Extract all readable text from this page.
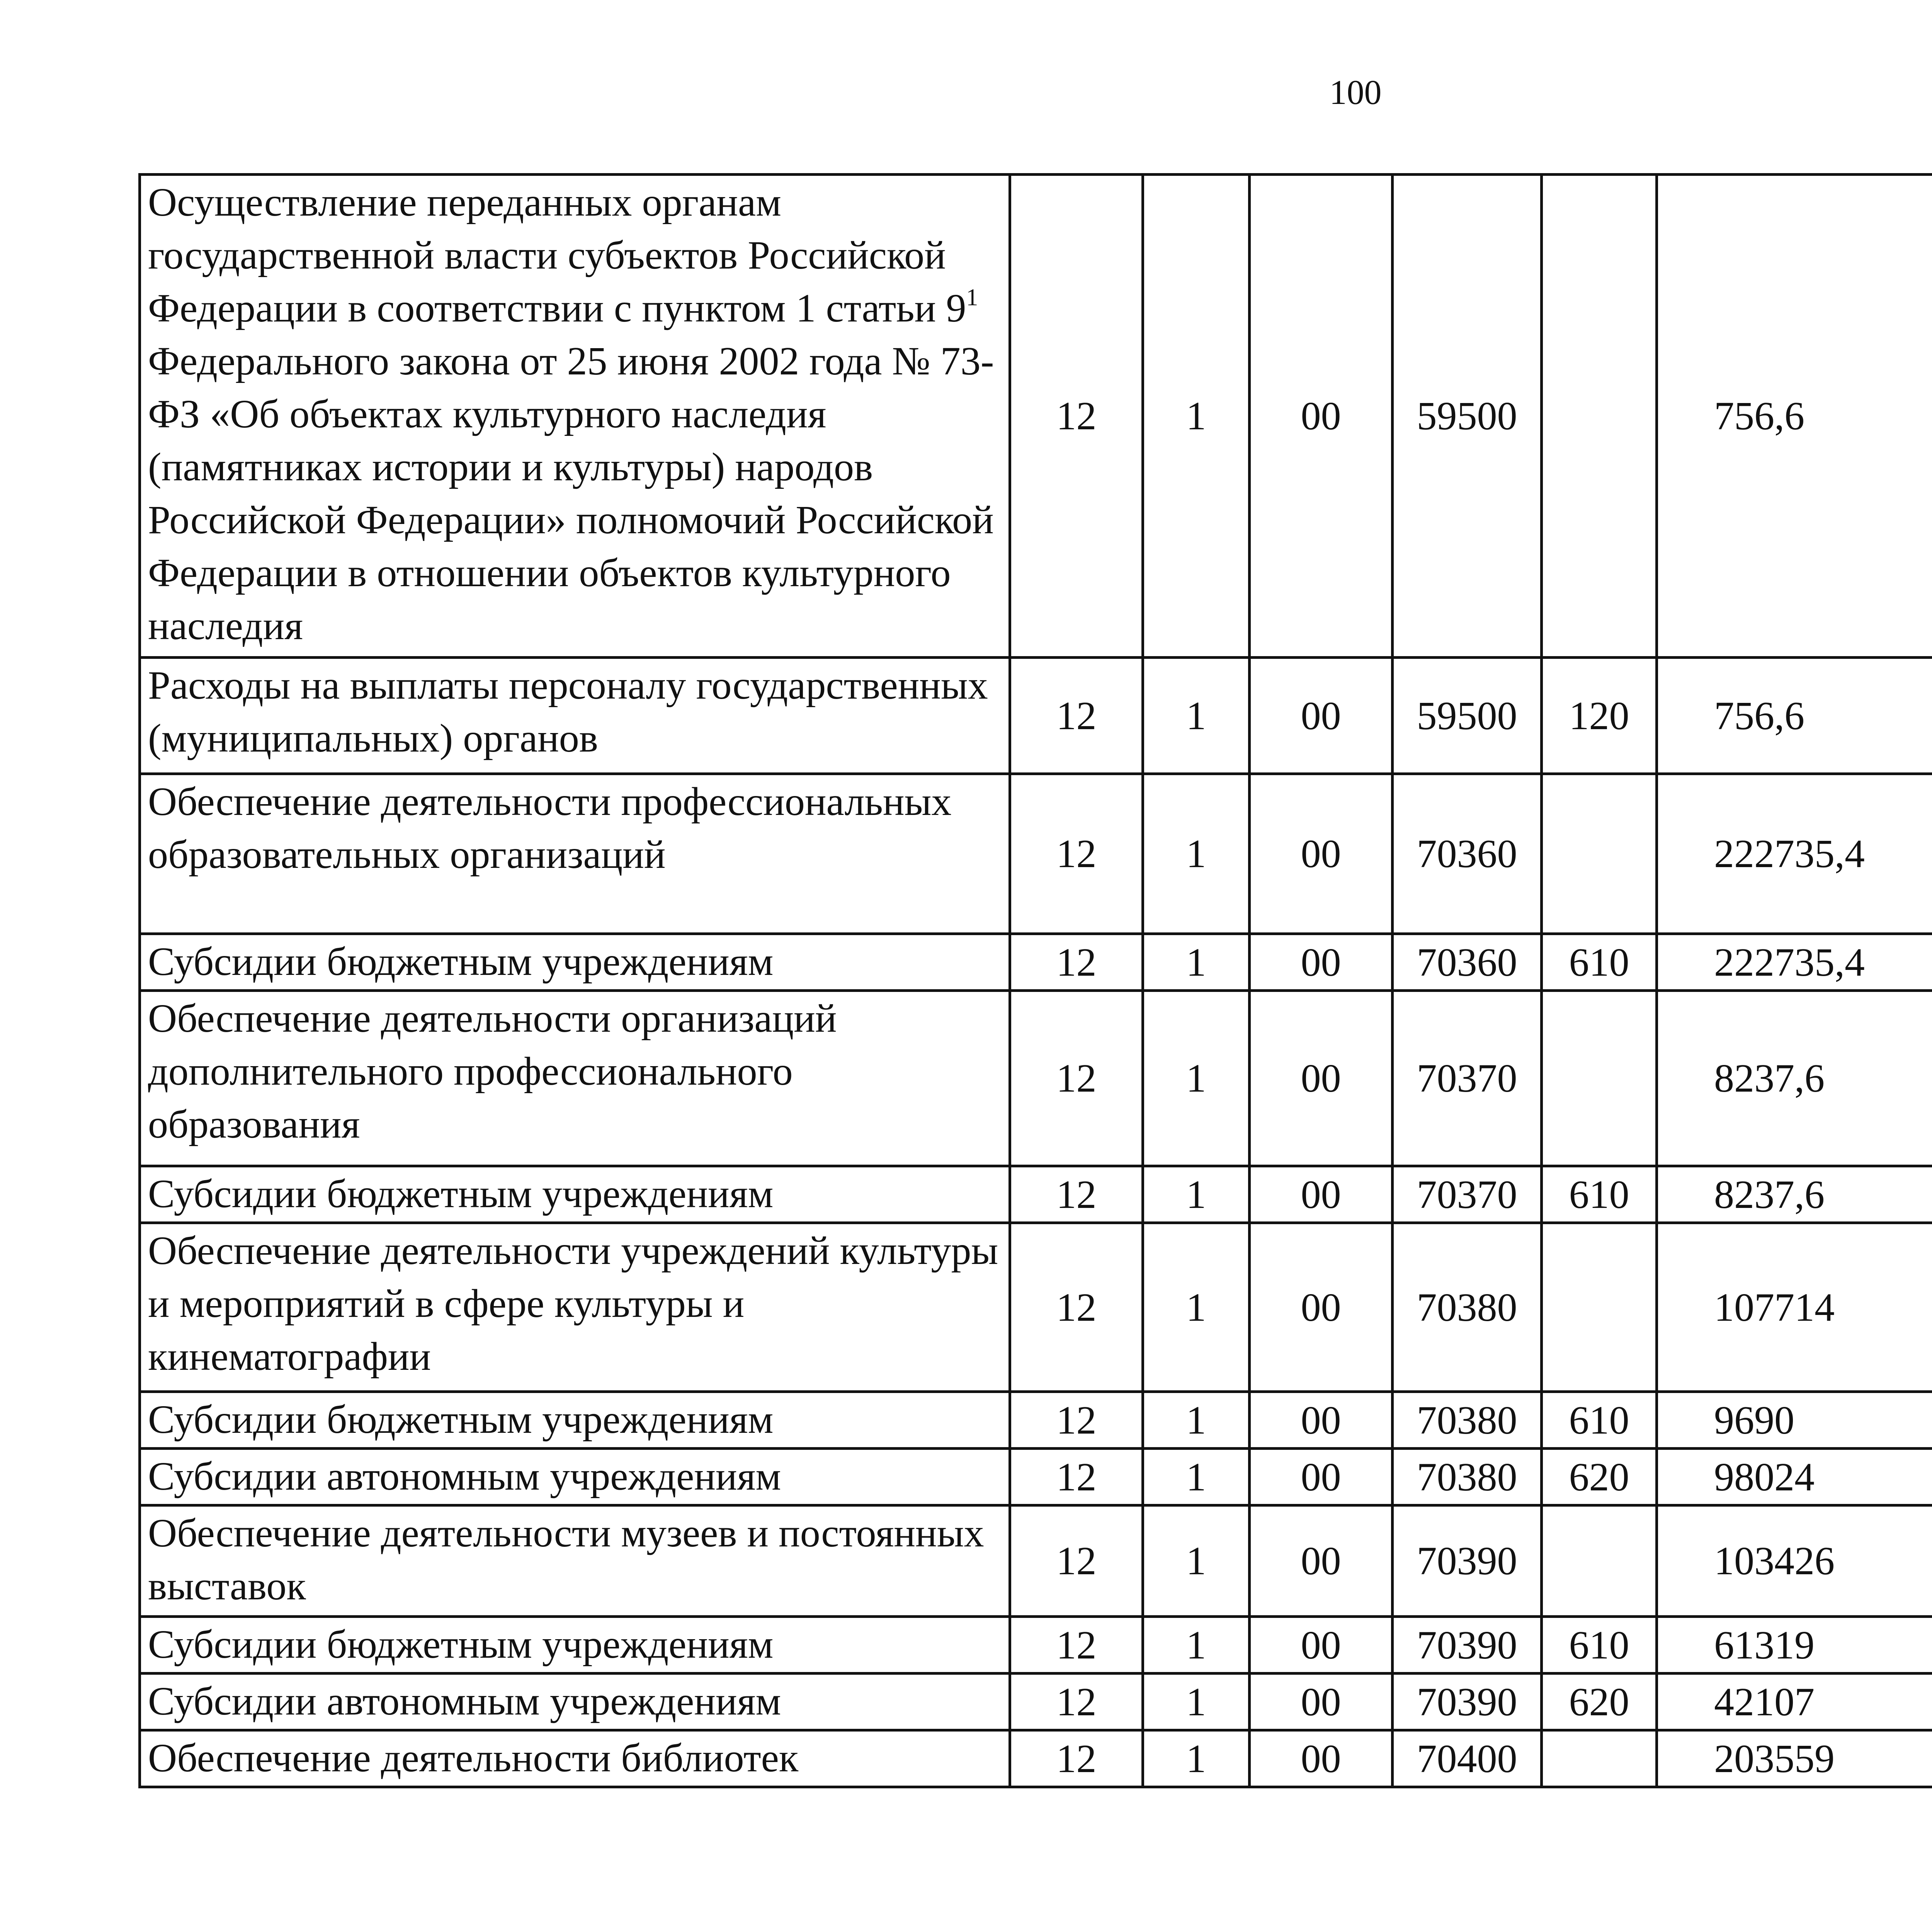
100
Осуществление переданных органам государственной власти субъектов Российской Федерации в соответствии с пунктом 1 статьи $9^1$ Федерального закона от 25 июня 2002 года № 73-ФЗ «Об объектах культурного наследия (памятниках истории и культуры) народов Российской Федерации» полномочий Российской Федерации в отношении объектов культурного наследия	12	1	00	59500		756,6		
Расходы на выплаты персоналу государственных (муниципальных) органов	12	1	00	59500	120	756,6		
Обеспечение деятельности профессиональных образовательных организаций	12	1	00	70360		222735,4		
Субсидии бюджетным учреждениям	12	1	00	70360	610	222735,4		
Обеспечение деятельности организаций дополнительного профессионального образования	12	1	00	70370		8237,6		
Субсидии бюджетным учреждениям	12	1	00	70370	610	8237,6		
Обеспечение деятельности учреждений культуры и мероприятий в сфере культуры и кинематографии	12	1	00	70380		107714		
Субсидии бюджетным учреждениям	12	1	00	70380	610	9690		
Субсидии автономным учреждениям	12	1	00	70380	620	98024		
Обеспечение деятельности музеев и постоянных выставок	12	1	00	70390		103426		
Субсидии бюджетным учреждениям	12	1	00	70390	610	61319		
Субсидии автономным учреждениям	12	1	00	70390	620	42107		
Обеспечение деятельности библиотек	12	1	00	70400		203559		
